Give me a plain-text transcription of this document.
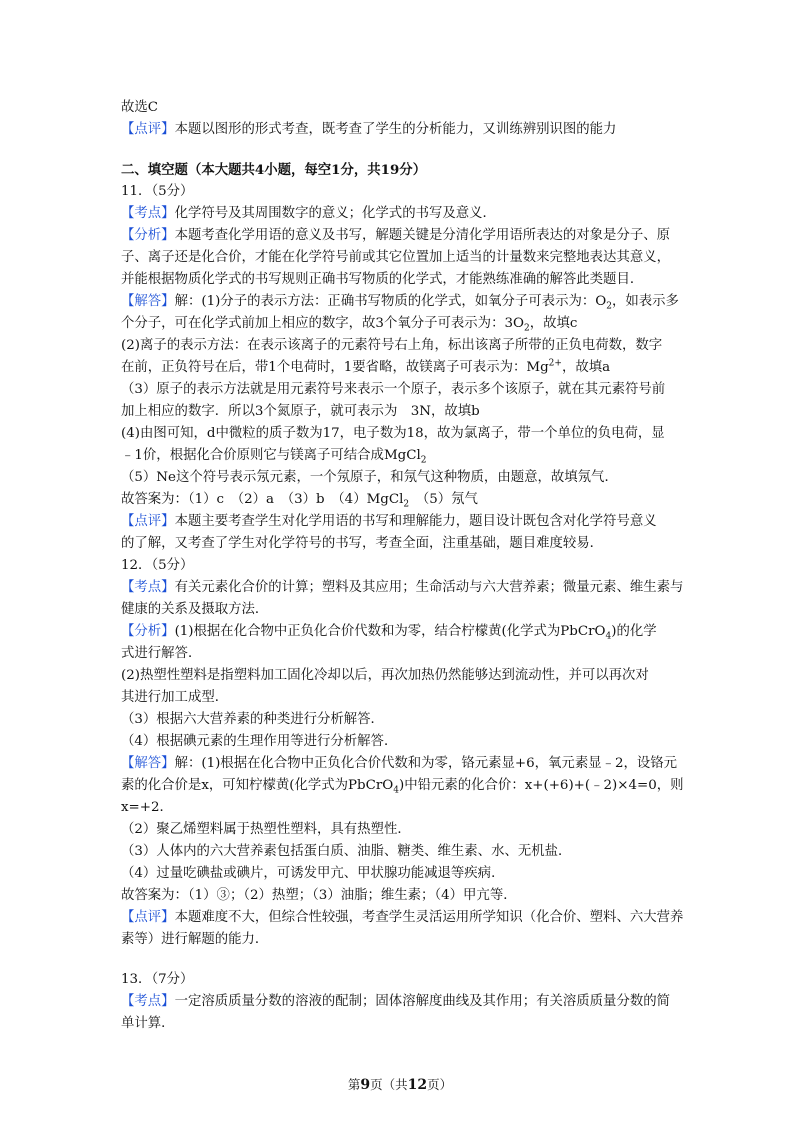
故选C
【点评】本题以图形的形式考查，既考查了学生的分析能力，又训练辨别识图的能力
二、填空题（本大题共4小题，每空1分，共19分）
11．（5分）
【考点】化学符号及其周围数字的意义；化学式的书写及意义．
【分析】本题考查化学用语的意义及书写，解题关键是分清化学用语所表达的对象是分子、原
子、离子还是化合价，才能在化学符号前或其它位置加上适当的计量数来完整地表达其意义，
并能根据物质化学式的书写规则正确书写物质的化学式，才能熟练准确的解答此类题目．
【解答】解：(1)分子的表示方法：正确书写物质的化学式，如氧分子可表示为：$O_2$，如表示多
个分子，可在化学式前加上相应的数字，故3个氧分子可表示为：$3O_2$，故填c
(2)离子的表示方法：在表示该离子的元素符号右上角，标出该离子所带的正负电荷数，数字
在前，正负符号在后，带1个电荷时，1要省略，故镁离子可表示为：$Mg^{2+}$，故填a
（3）原子的表示方法就是用元素符号来表示一个原子，表示多个该原子，就在其元素符号前
加上相应的数字．所以3个氮原子，就可表示为　3N，故填b
(4)由图可知，d中微粒的质子数为17，电子数为18，故为氯离子，带一个单位的负电荷，显
﹣1价，根据化合价原则它与镁离子可结合成MgCl$_2$
（5）Ne这个符号表示氖元素，一个氖原子，和氖气这种物质，由题意，故填氖气．
故答案为：（1）c　（2）a　（3）b　（4）MgCl$_2$　（5）氖气
【点评】本题主要考查学生对化学用语的书写和理解能力，题目设计既包含对化学符号意义
的了解，又考查了学生对化学符号的书写，考查全面，注重基础，题目难度较易．
12．（5分）
【考点】有关元素化合价的计算；塑料及其应用；生命活动与六大营养素；微量元素、维生素与
健康的关系及摄取方法．
【分析】(1)根据在化合物中正负化合价代数和为零，结合柠檬黄(化学式为PbCrO$_4$)的化学
式进行解答．
(2)热塑性塑料是指塑料加工固化冷却以后，再次加热仍然能够达到流动性，并可以再次对
其进行加工成型．
（3）根据六大营养素的种类进行分析解答．
（4）根据碘元素的生理作用等进行分析解答．
【解答】解：(1)根据在化合物中正负化合价代数和为零，铬元素显+6，氧元素显﹣2，设铬元
素的化合价是x，可知柠檬黄(化学式为PbCrO$_4$)中铅元素的化合价：x+(+6)+(﹣2)×4=0，则
x=+2．
（2）聚乙烯塑料属于热塑性塑料，具有热塑性．
（3）人体内的六大营养素包括蛋白质、油脂、糖类、维生素、水、无机盐．
（4）过量吃碘盐或碘片，可诱发甲亢、甲状腺功能减退等疾病．
故答案为：（1）③；（2）热塑；（3）油脂；维生素；（4）甲亢等．
【点评】本题难度不大，但综合性较强，考查学生灵活运用所学知识（化合价、塑料、六大营养
素等）进行解题的能力．
13．（7分）
【考点】一定溶质质量分数的溶液的配制；固体溶解度曲线及其作用；有关溶质质量分数的简
单计算．
第9页（共12页）
